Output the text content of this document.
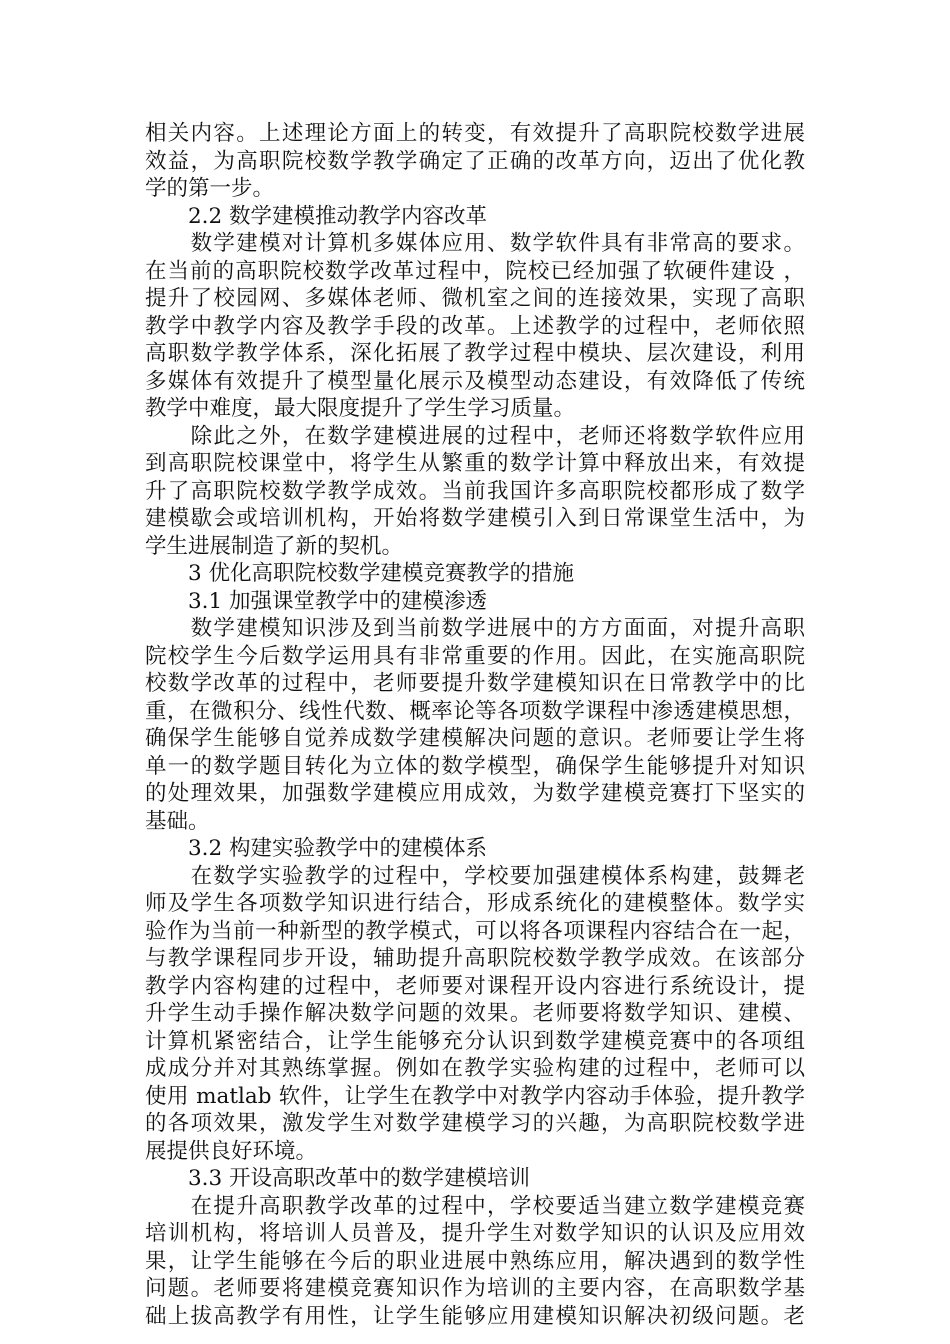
相关内容。上述理论方面上的转变，有效提升了高职院校数学进展
效益，为高职院校数学教学确定了正确的改革方向，迈出了优化教
学的第一步。
　　2.2 数学建模推动教学内容改革
　　数学建模对计算机多媒体应用、数学软件具有非常高的要求。
在当前的高职院校数学改革过程中，院校已经加强了软硬件建设 ，
提升了校园网、多媒体老师、微机室之间的连接效果，实现了高职
教学中教学内容及教学手段的改革。上述教学的过程中，老师依照
高职数学教学体系，深化拓展了教学过程中模块、层次建设，利用
多媒体有效提升了模型量化展示及模型动态建设，有效降低了传统
教学中难度，最大限度提升了学生学习质量。
　　除此之外，在数学建模进展的过程中，老师还将数学软件应用
到高职院校课堂中，将学生从繁重的数学计算中释放出来，有效提
升了高职院校数学教学成效。当前我国许多高职院校都形成了数学
建模歇会或培训机构，开始将数学建模引入到日常课堂生活中，为
学生进展制造了新的契机。
　　3 优化高职院校数学建模竞赛教学的措施
　　3.1 加强课堂教学中的建模渗透
　　数学建模知识涉及到当前数学进展中的方方面面，对提升高职
院校学生今后数学运用具有非常重要的作用。因此，在实施高职院
校数学改革的过程中，老师要提升数学建模知识在日常教学中的比
重，在微积分、线性代数、概率论等各项数学课程中渗透建模思想，
确保学生能够自觉养成数学建模解决问题的意识。老师要让学生将
单一的数学题目转化为立体的数学模型，确保学生能够提升对知识
的处理效果，加强数学建模应用成效，为数学建模竞赛打下坚实的
基础。
　　3.2 构建实验教学中的建模体系
　　在数学实验教学的过程中，学校要加强建模体系构建，鼓舞老
师及学生各项数学知识进行结合，形成系统化的建模整体。数学实
验作为当前一种新型的教学模式，可以将各项课程内容结合在一起，
与教学课程同步开设，辅助提升高职院校数学教学成效。在该部分
教学内容构建的过程中，老师要对课程开设内容进行系统设计，提
升学生动手操作解决数学问题的效果。老师要将数学知识、建模、
计算机紧密结合，让学生能够充分认识到数学建模竞赛中的各项组
成成分并对其熟练掌握。例如在教学实验构建的过程中，老师可以
使用 matlab 软件，让学生在教学中对教学内容动手体验，提升教学
的各项效果，激发学生对数学建模学习的兴趣，为高职院校数学进
展提供良好环境。
　　3.3 开设高职改革中的数学建模培训
　　在提升高职教学改革的过程中，学校要适当建立数学建模竞赛
培训机构，将培训人员普及，提升学生对数学知识的认识及应用效
果，让学生能够在今后的职业进展中熟练应用，解决遇到的数学性
问题。老师要将建模竞赛知识作为培训的主要内容，在高职数学基
础上拔高教学有用性，让学生能够应用建模知识解决初级问题。老
